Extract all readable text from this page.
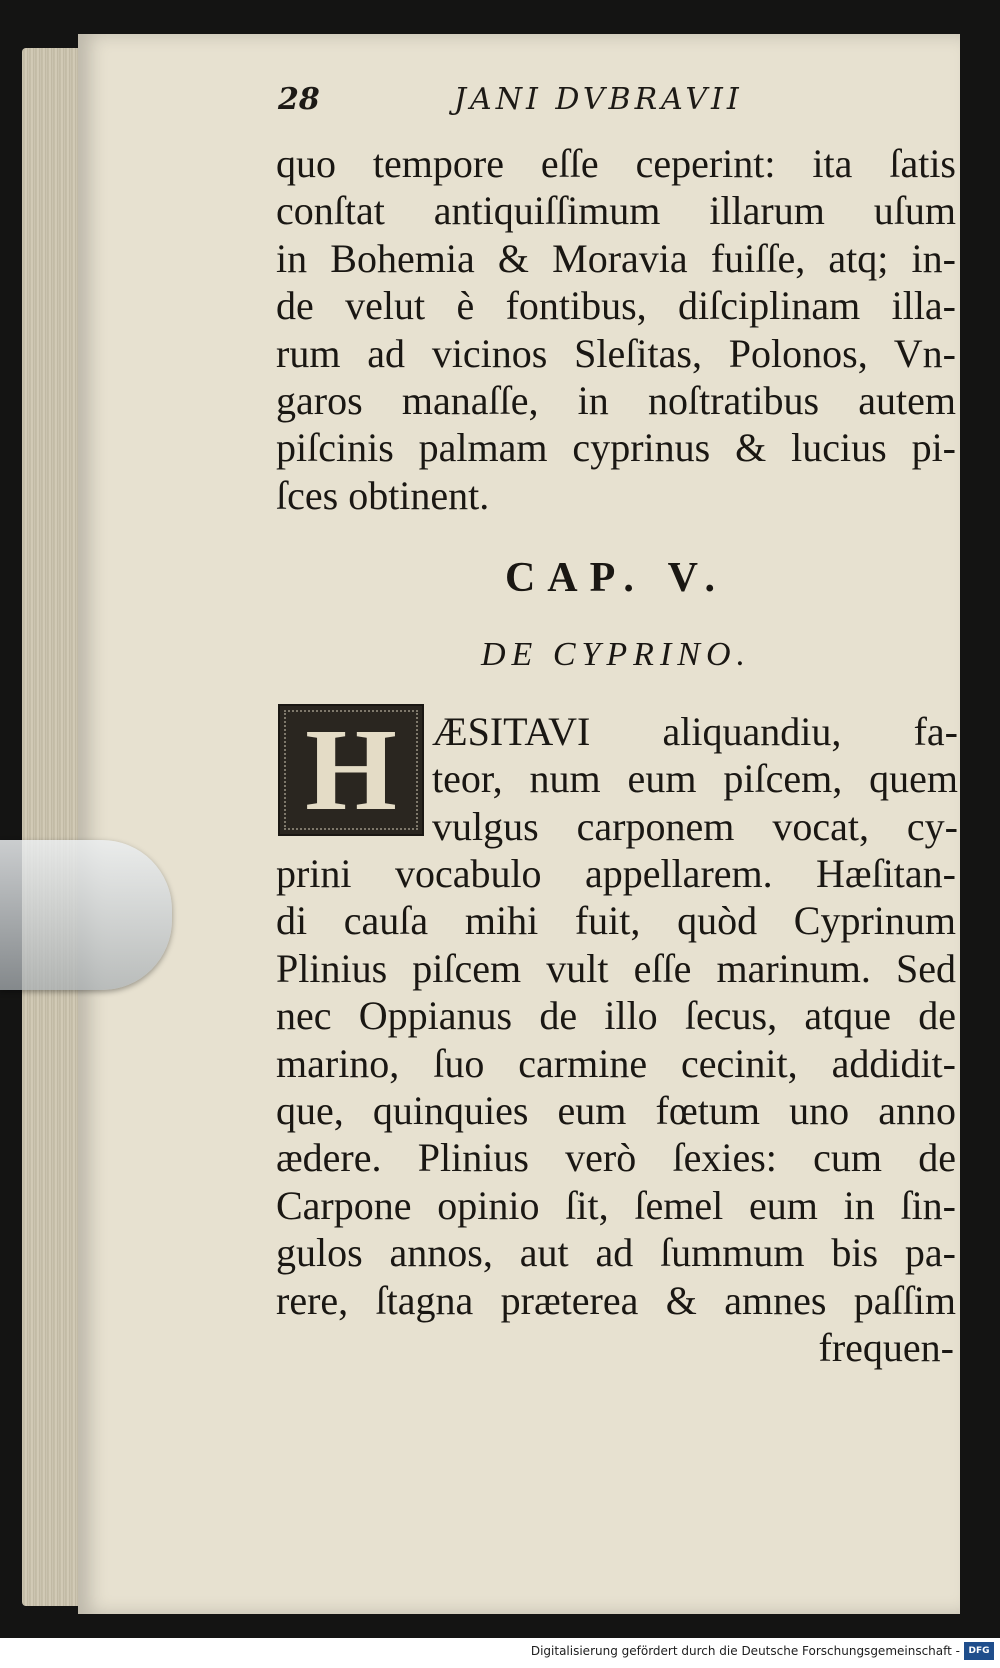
28	JANI DVBRAVII
quo tempore eſſe ceperint: ita ſatis
conſtat antiquiſſimum illarum uſum
in Bohemia & Moravia fuiſſe, atq; in-
de velut è fontibus, diſciplinam illa-
rum ad vicinos Sleſitas, Polonos, Vn-
garos manaſſe, in noſtratibus autem
piſcinis palmam cyprinus & lucius pi-
ſces obtinent.
CAP. V.
DE CYPRINO.
H ÆSITAVI aliquandiu, fa-
teor, num eum piſcem, quem
vulgus carponem vocat, cy-
prini vocabulo appellarem. Hæſitan-
di cauſa mihi fuit, quòd Cyprinum
Plinius piſcem vult eſſe marinum. Sed
nec Oppianus de illo ſecus, atque de
marino, ſuo carmine cecinit, addidit-
que, quinquies eum fœtum uno anno
ædere. Plinius verò ſexies: cum de
Carpone opinio ſit, ſemel eum in ſin-
gulos annos, aut ad ſummum bis pa-
rere, ſtagna præterea & amnes paſſim
frequen-
Digitalisierung gefördert durch die Deutsche Forschungsgemeinschaft - DFG
